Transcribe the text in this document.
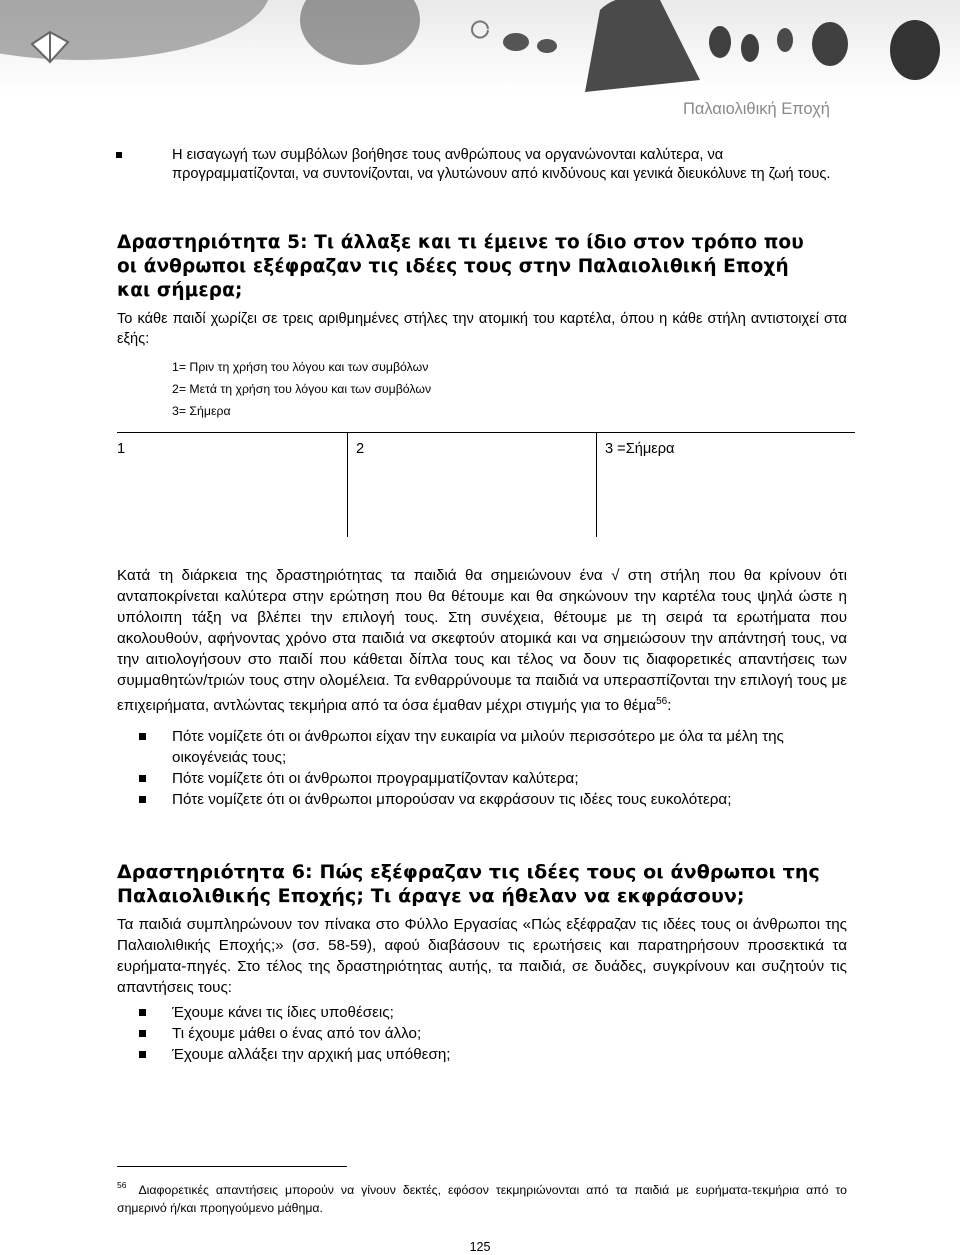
Παλαιολιθική Εποχή
Η εισαγωγή των συμβόλων βοήθησε τους ανθρώπους να οργανώνονται καλύτερα, να προγραμματίζονται, να συντονίζονται, να γλυτώνουν από κινδύνους και γενικά διευκόλυνε τη ζωή τους.
Δραστηριότητα 5: Τι άλλαξε και τι έμεινε το ίδιο στον τρόπο που
οι άνθρωποι εξέφραζαν τις ιδέες τους στην Παλαιολιθική Εποχή
και σήμερα;

Το κάθε παιδί χωρίζει σε τρεις αριθμημένες στήλες την ατομική του καρτέλα, όπου η κάθε στήλη αντιστοιχεί στα εξής:

1= Πριν τη χρήση του λόγου και των συμβόλων
2= Μετά τη χρήση του λόγου και των συμβόλων
3= Σήμερα
1	2	3 =Σήμερα

Κατά τη διάρκεια της δραστηριότητας τα παιδιά θα σημειώνουν ένα √ στη στήλη που θα κρίνουν ότι ανταποκρίνεται καλύτερα στην ερώτηση που θα θέτουμε και θα σηκώνουν την καρτέλα τους ψηλά ώστε η υπόλοιπη τάξη να βλέπει την επιλογή τους. Στη συνέχεια, θέτουμε με τη σειρά τα ερωτήματα που ακολουθούν, αφήνοντας χρόνο στα παιδιά να σκεφτούν ατομικά και να σημειώσουν την απάντησή τους, να την αιτιολογήσουν στο παιδί που κάθεται δίπλα τους και τέλος να δουν τις διαφορετικές απαντήσεις των συμμαθητών/τριών τους στην ολομέλεια. Τα ενθαρρύνουμε τα παιδιά να υπερασπίζονται την επιλογή τους με επιχειρήματα, αντλώντας τεκμήρια από τα όσα έμαθαν μέχρι στιγμής για το θέμα$^{56}$:

Πότε νομίζετε ότι οι άνθρωποι είχαν την ευκαιρία να μιλούν περισσότερο με όλα τα μέλη της οικογένειάς τους;
Πότε νομίζετε ότι οι άνθρωποι προγραμματίζονταν καλύτερα;
Πότε νομίζετε ότι οι άνθρωποι μπορούσαν να εκφράσουν τις ιδέες τους ευκολότερα;
Δραστηριότητα 6: Πώς εξέφραζαν τις ιδέες τους οι άνθρωποι της
Παλαιολιθικής Εποχής; Τι άραγε να ήθελαν να εκφράσουν;

Τα παιδιά συμπληρώνουν τον πίνακα στο Φύλλο Εργασίας «Πώς εξέφραζαν τις ιδέες τους οι άνθρωποι της Παλαιολιθικής Εποχής;» (σσ. 58-59), αφού διαβάσουν τις ερωτήσεις και παρατηρήσουν προσεκτικά τα ευρήματα-πηγές. Στο τέλος της δραστηριότητας αυτής, τα παιδιά, σε δυάδες, συγκρίνουν και συζητούν τις απαντήσεις τους:

Έχουμε κάνει τις ίδιες υποθέσεις;
Τι έχουμε μάθει ο ένας από τον άλλο;
Έχουμε αλλάξει την αρχική μας υπόθεση;
$^{56}$ Διαφορετικές απαντήσεις μπορούν να γίνουν δεκτές, εφόσον τεκμηριώνονται από τα παιδιά με ευρήματα-τεκμήρια από το σημερινό ή/και προηγούμενο μάθημα.
125
